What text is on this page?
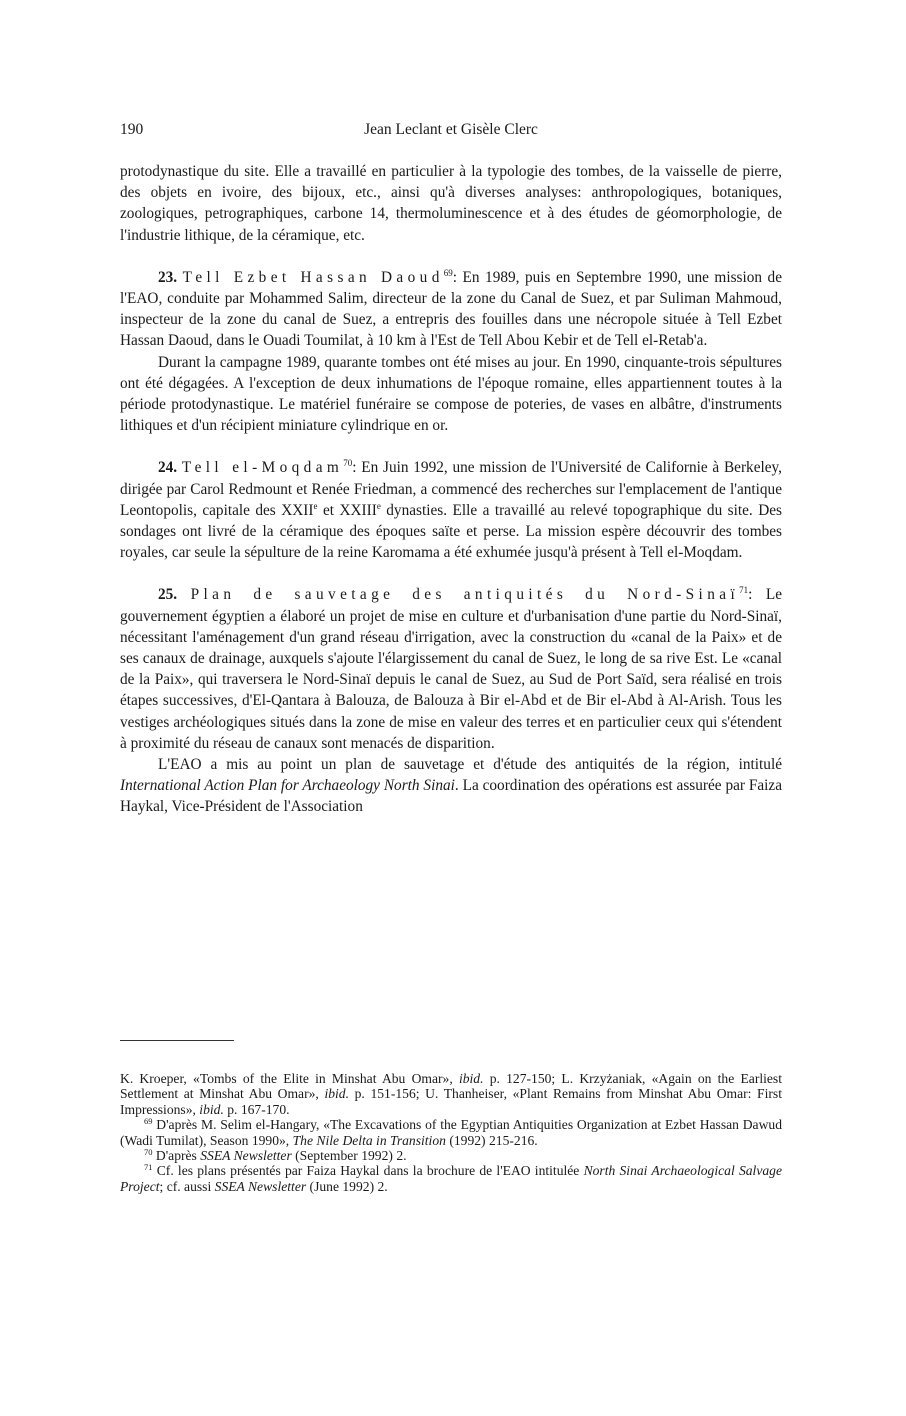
190	Jean Leclant et Gisèle Clerc

protodynastique du site. Elle a travaillé en particulier à la typologie des tombes, de la vaisselle de pierre, des objets en ivoire, des bijoux, etc., ainsi qu'à diverses analyses: anthropologiques, botaniques, zoologiques, petrographiques, carbone 14, thermoluminescence et à des études de géomorphologie, de l'industrie lithique, de la céramique, etc.

23. Tell Ezbet Hassan Daoud$^{69}$: En 1989, puis en Septembre 1990, une mission de l'EAO, conduite par Mohammed Salim, directeur de la zone du Canal de Suez, et par Suliman Mahmoud, inspecteur de la zone du canal de Suez, a entrepris des fouilles dans une nécropole située à Tell Ezbet Hassan Daoud, dans le Ouadi Toumilat, à 10 km à l'Est de Tell Abou Kebir et de Tell el-Retab'a.

Durant la campagne 1989, quarante tombes ont été mises au jour. En 1990, cinquante-trois sépultures ont été dégagées. A l'exception de deux inhumations de l'époque romaine, elles appartiennent toutes à la période protodynastique. Le matériel funéraire se compose de poteries, de vases en albâtre, d'instruments lithiques et d'un récipient miniature cylindrique en or.

24. Tell el-Moqdam$^{70}$: En Juin 1992, une mission de l'Université de Californie à Berkeley, dirigée par Carol Redmount et Renée Friedman, a commencé des recherches sur l'emplacement de l'antique Leontopolis, capitale des XXIIe et XXIIIe dynasties. Elle a travaillé au relevé topographique du site. Des sondages ont livré de la céramique des époques saïte et perse. La mission espère découvrir des tombes royales, car seule la sépulture de la reine Karomama a été exhumée jusqu'à présent à Tell el-Moqdam.

25. Plan de sauvetage des antiquités du Nord-Sinaï$^{71}$: Le gouvernement égyptien a élaboré un projet de mise en culture et d'urbanisation d'une partie du Nord-Sinaï, nécessitant l'aménagement d'un grand réseau d'irrigation, avec la construction du «canal de la Paix» et de ses canaux de drainage, auxquels s'ajoute l'élargissement du canal de Suez, le long de sa rive Est. Le «canal de la Paix», qui traversera le Nord-Sinaï depuis le canal de Suez, au Sud de Port Saïd, sera réalisé en trois étapes successives, d'El-Qantara à Balouza, de Balouza à Bir el-Abd et de Bir el-Abd à Al-Arish. Tous les vestiges archéologiques situés dans la zone de mise en valeur des terres et en particulier ceux qui s'étendent à proximité du réseau de canaux sont menacés de disparition.

L'EAO a mis au point un plan de sauvetage et d'étude des antiquités de la région, intitulé International Action Plan for Archaeology North Sinai. La coordination des opérations est assurée par Faiza Haykal, Vice-Président de l'Association

K. Kroeper, «Tombs of the Elite in Minshat Abu Omar», ibid. p. 127-150; L. Krzyżaniak, «Again on the Earliest Settlement at Minshat Abu Omar», ibid. p. 151-156; U. Thanheiser, «Plant Remains from Minshat Abu Omar: First Impressions», ibid. p. 167-170.

$^{69}$ D'après M. Selim el-Hangary, «The Excavations of the Egyptian Antiquities Organization at Ezbet Hassan Dawud (Wadi Tumilat), Season 1990», The Nile Delta in Transition (1992) 215-216.

$^{70}$ D'après SSEA Newsletter (September 1992) 2.

$^{71}$ Cf. les plans présentés par Faiza Haykal dans la brochure de l'EAO intitulée North Sinai Archaeological Salvage Project; cf. aussi SSEA Newsletter (June 1992) 2.
